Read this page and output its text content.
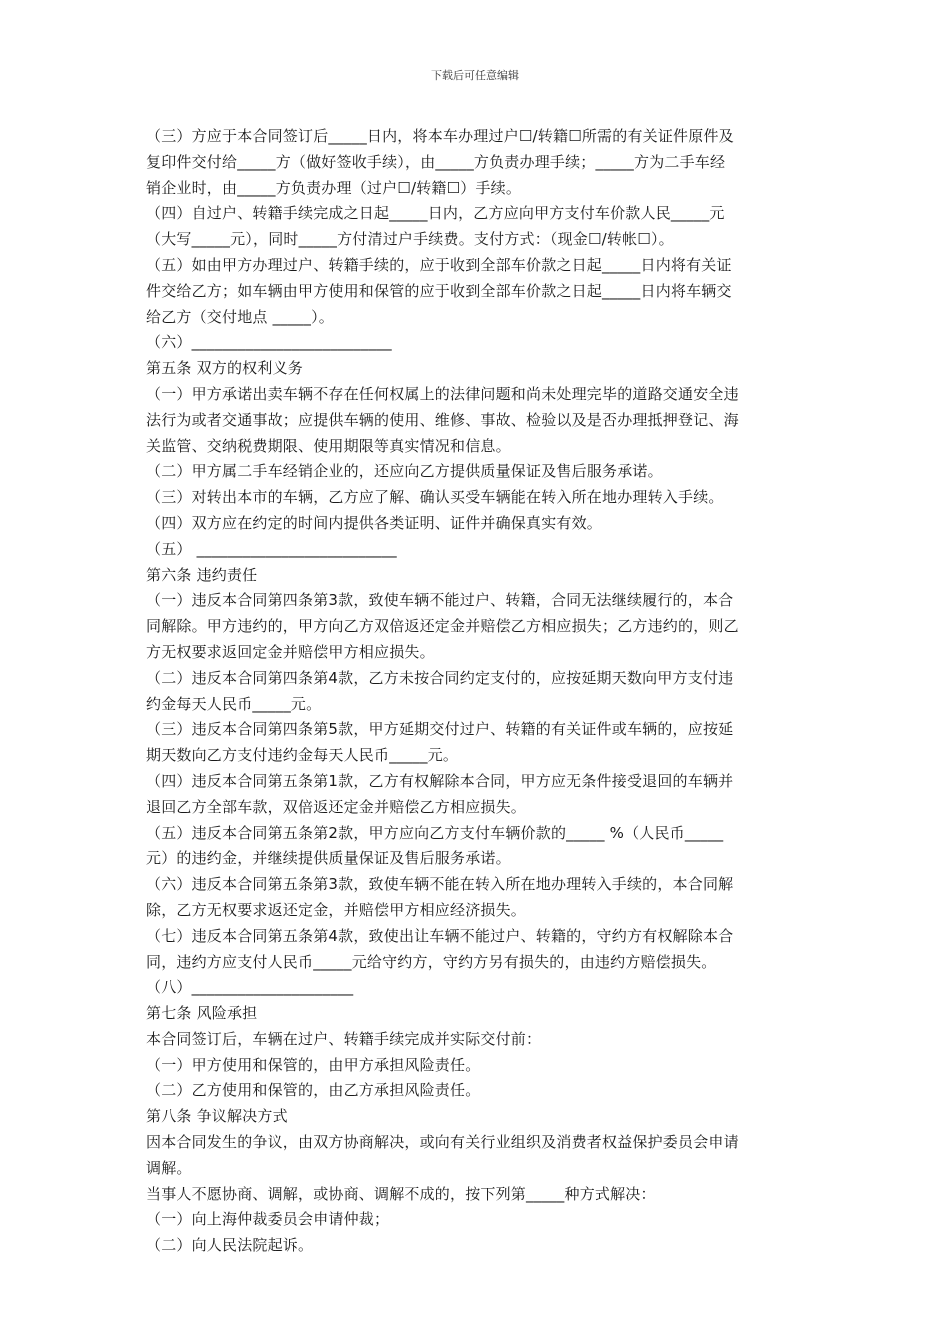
下载后可任意编辑
（三）方应于本合同签订后_____日内，将本车办理过户☐/转籍☐所需的有关证件原件及
复印件交付给_____方（做好签收手续），由_____方负责办理手续；_____方为二手车经
销企业时，由_____方负责办理（过户☐/转籍☐）手续。
（四）自过户、转籍手续完成之日起_____日内，乙方应向甲方支付车价款人民_____元
（大写_____元），同时_____方付清过户手续费。支付方式：（现金☐/转帐☐）。
（五）如由甲方办理过户、转籍手续的，应于收到全部车价款之日起_____日内将有关证
件交给乙方；如车辆由甲方使用和保管的应于收到全部车价款之日起_____日内将车辆交
给乙方（交付地点 _____）。
（六）__________________________
第五条 双方的权利义务
（一）甲方承诺出卖车辆不存在任何权属上的法律问题和尚未处理完毕的道路交通安全违
法行为或者交通事故；应提供车辆的使用、维修、事故、检验以及是否办理抵押登记、海
关监管、交纳税费期限、使用期限等真实情况和信息。
（二）甲方属二手车经销企业的，还应向乙方提供质量保证及售后服务承诺。
（三）对转出本市的车辆，乙方应了解、确认买受车辆能在转入所在地办理转入手续。
（四）双方应在约定的时间内提供各类证明、证件并确保真实有效。
（五） __________________________
第六条 违约责任
（一）违反本合同第四条第3款，致使车辆不能过户、转籍，合同无法继续履行的，本合
同解除。甲方违约的，甲方向乙方双倍返还定金并赔偿乙方相应损失；乙方违约的，则乙
方无权要求返回定金并赔偿甲方相应损失。
（二）违反本合同第四条第4款，乙方未按合同约定支付的，应按延期天数向甲方支付违
约金每天人民币_____元。
（三）违反本合同第四条第5款，甲方延期交付过户、转籍的有关证件或车辆的，应按延
期天数向乙方支付违约金每天人民币_____元。
（四）违反本合同第五条第1款，乙方有权解除本合同，甲方应无条件接受退回的车辆并
退回乙方全部车款，双倍返还定金并赔偿乙方相应损失。
（五）违反本合同第五条第2款，甲方应向乙方支付车辆价款的_____ %（人民币_____
元）的违约金，并继续提供质量保证及售后服务承诺。
（六）违反本合同第五条第3款，致使车辆不能在转入所在地办理转入手续的，本合同解
除，乙方无权要求返还定金，并赔偿甲方相应经济损失。
（七）违反本合同第五条第4款，致使出让车辆不能过户、转籍的，守约方有权解除本合
同，违约方应支付人民币_____元给守约方，守约方另有损失的，由违约方赔偿损失。
（八）_____________________
第七条 风险承担
本合同签订后，车辆在过户、转籍手续完成并实际交付前：
（一）甲方使用和保管的，由甲方承担风险责任。
（二）乙方使用和保管的，由乙方承担风险责任。
第八条 争议解决方式
因本合同发生的争议，由双方协商解决，或向有关行业组织及消费者权益保护委员会申请
调解。
当事人不愿协商、调解，或协商、调解不成的，按下列第_____种方式解决：
（一）向上海仲裁委员会申请仲裁；
（二）向人民法院起诉。
